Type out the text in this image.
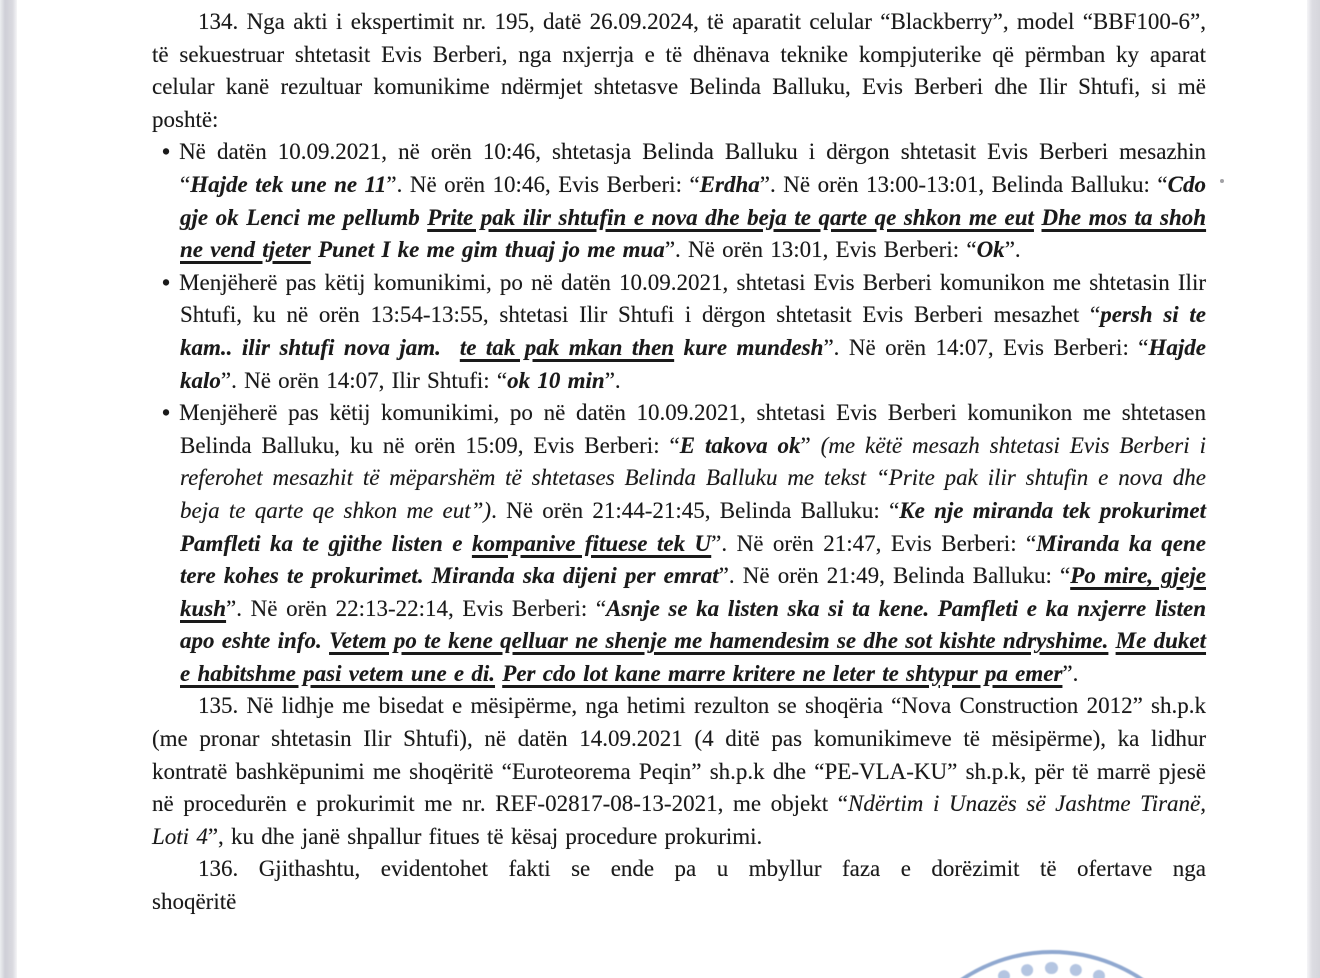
134. Nga akti i ekspertimit nr. 195, datë 26.09.2024, të aparatit celular “Blackberry”, model “BBF100-6”, të sekuestruar shtetasit Evis Berberi, nga nxjerrja e të dhënava teknike kompjuterike që përmban ky aparat celular kanë rezultuar komunikime ndërmjet shtetasve Belinda Balluku, Evis Berberi dhe Ilir Shtufi, si më poshtë:

• Në datën 10.09.2021, në orën 10:46, shtetasja Belinda Balluku i dërgon shtetasit Evis Berberi mesazhin “Hajde tek une ne 11”. Në orën 10:46, Evis Berberi: “Erdha”. Në orën 13:00-13:01, Belinda Balluku: “Cdo gje ok Lenci me pellumb Prite pak ilir shtufin e nova dhe beja te qarte qe shkon me eut Dhe mos ta shoh ne vend tjeter Punet I ke me gim thuaj jo me mua”. Në orën 13:01, Evis Berberi: “Ok”.
• Menjëherë pas këtij komunikimi, po në datën 10.09.2021, shtetasi Evis Berberi komunikon me shtetasin Ilir Shtufi, ku në orën 13:54-13:55, shtetasi Ilir Shtufi i dërgon shtetasit Evis Berberi mesazhet “persh si te kam.. ilir shtufi nova jam.  te tak pak mkan then kure mundesh”. Në orën 14:07, Evis Berberi: “Hajde kalo”. Në orën 14:07, Ilir Shtufi: “ok 10 min”.
• Menjëherë pas këtij komunikimi, po në datën 10.09.2021, shtetasi Evis Berberi komunikon me shtetasen Belinda Balluku, ku në orën 15:09, Evis Berberi: “E takova ok” (me këtë mesazh shtetasi Evis Berberi i referohet mesazhit të mëparshëm të shtetases Belinda Balluku me tekst “Prite pak ilir shtufin e nova dhe beja te qarte qe shkon me eut”). Në orën 21:44-21:45, Belinda Balluku: “Ke nje miranda tek prokurimet Pamfleti ka te gjithe listen e kompanive fituese tek U”. Në orën 21:47, Evis Berberi: “Miranda ka qene tere kohes te prokurimet. Miranda ska dijeni per emrat”. Në orën 21:49, Belinda Balluku: “Po mire, gjeje kush”. Në orën 22:13-22:14, Evis Berberi: “Asnje se ka listen ska si ta kene. Pamfleti e ka nxjerre listen apo eshte info. Vetem po te kene qelluar ne shenje me hamendesim se dhe sot kishte ndryshime. Me duket e habitshme pasi vetem une e di. Per cdo lot kane marre kritere ne leter te shtypur pa emer”.

135. Në lidhje me bisedat e mësipërme, nga hetimi rezulton se shoqëria “Nova Construction 2012” sh.p.k (me pronar shtetasin Ilir Shtufi), në datën 14.09.2021 (4 ditë pas komunikimeve të mësipërme), ka lidhur kontratë bashkëpunimi me shoqëritë “Euroteorema Peqin” sh.p.k dhe “PE-VLA-KU” sh.p.k, për të marrë pjesë në procedurën e prokurimit me nr. REF-02817-08-13-2021, me objekt “Ndërtim i Unazës së Jashtme Tiranë, Loti 4”, ku dhe janë shpallur fitues të kësaj procedure prokurimi.

136. Gjithashtu, evidentohet fakti se ende pa u mbyllur faza e dorëzimit të ofertave nga shoqëritë
